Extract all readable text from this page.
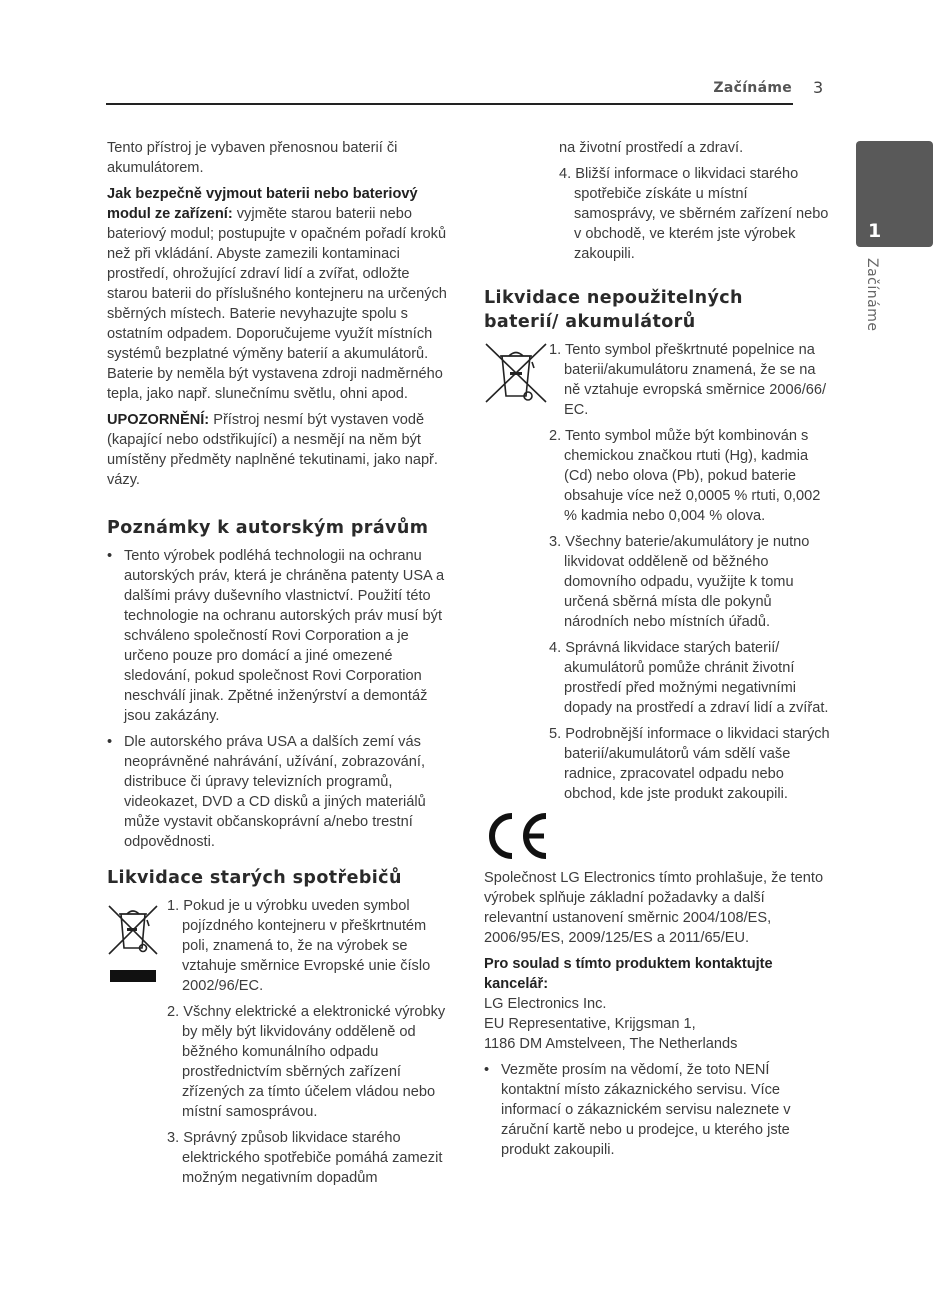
Začínáme 3
1
Začínáme

Tento přístroj je vybaven přenosnou baterií či akumulátorem.

Jak bezpečně vyjmout baterii nebo bateriový modul ze zařízení: vyjměte starou baterii nebo bateriový modul; postupujte v opačném pořadí kroků než při vkládání. Abyste zamezili kontaminaci prostředí, ohrožující zdraví lidí a zvířat, odložte starou baterii do příslušného kontejneru na určených sběrných místech. Baterie nevyhazujte spolu s ostatním odpadem. Doporučujeme využít místních systémů bezplatné výměny baterií a akumulátorů. Baterie by neměla být vystavena zdroji nadměrného tepla, jako např. slunečnímu světlu, ohni apod.

UPOZORNĚNÍ: Přístroj nesmí být vystaven vodě (kapající nebo odstřikující) a nesmějí na něm být umístěny předměty naplněné tekutinami, jako např. vázy.

Poznámky k autorským právům
• Tento výrobek podléhá technologii na ochranu autorských práv, která je chráněna patenty USA a dalšími právy duševního vlastnictví. Použití této technologie na ochranu autorských práv musí být schváleno společností Rovi Corporation a je určeno pouze pro domácí a jiné omezené sledování, pokud společnost Rovi Corporation neschválí jinak. Zpětné inženýrství a demontáž jsou zakázány.
• Dle autorského práva USA a dalších zemí vás neoprávněné nahrávání, užívání, zobrazování, distribuce či úpravy televizních programů, videokazet, DVD a CD disků a jiných materiálů může vystavit občanskoprávní a/nebo trestní odpovědnosti.
Likvidace starých spotřebičů
1. Pokud je u výrobku uveden symbol pojízdného kontejneru v přeškrtnutém poli, znamená to, že na výrobek se vztahuje směrnice Evropské unie číslo 2002/96/EC.
2. Všchny elektrické a elektronické výrobky by měly být likvidovány odděleně od běžného komunálního odpadu prostřednictvím sběrných zařízení zřízených za tímto účelem vládou nebo místní samosprávou.
3. Správný způsob likvidace starého elektrického spotřebiče pomáhá zamezit možným negativním dopadům

na životní prostředí a zdraví.

4. Bližší informace o likvidaci starého spotřebiče získáte u místní samosprávy, ve sběrném zařízení nebo v obchodě, ve kterém jste výrobek zakoupili.
Likvidace nepoužitelných baterií/ akumulátorů
1. Tento symbol přeškrtnuté popelnice na baterii/akumulátoru znamená, že se na ně vztahuje evropská směrnice 2006/66/ EC.
2. Tento symbol může být kombinován s chemickou značkou rtuti (Hg), kadmia (Cd) nebo olova (Pb), pokud baterie obsahuje více než 0,0005 % rtuti, 0,002 % kadmia nebo 0,004 % olova.
3. Všechny baterie/akumulátory je nutno likvidovat odděleně od běžného domovního odpadu, využijte k tomu určená sběrná místa dle pokynů národních nebo místních úřadů.
4. Správná likvidace starých baterií/ akumulátorů pomůže chránit životní prostředí před možnými negativními dopady na prostředí a zdraví lidí a zvířat.
5. Podrobnější informace o likvidaci starých baterií/akumulátorů vám sdělí vaše radnice, zpracovatel odpadu nebo obchod, kde jste produkt zakoupili.

Společnost LG Electronics tímto prohlašuje, že tento výrobek splňuje základní požadavky a další relevantní ustanovení směrnic 2004/108/ES, 2006/95/ES, 2009/125/ES a 2011/65/EU.

Pro soulad s tímto produktem kontaktujte kancelář:

LG Electronics Inc.
EU Representative, Krijgsman 1,
1186 DM Amstelveen, The Netherlands
• Vezměte prosím na vědomí, že toto NENÍ kontaktní místo zákaznického servisu. Více informací o zákaznickém servisu naleznete v záruční kartě nebo u prodejce, u kterého jste produkt zakoupili.
